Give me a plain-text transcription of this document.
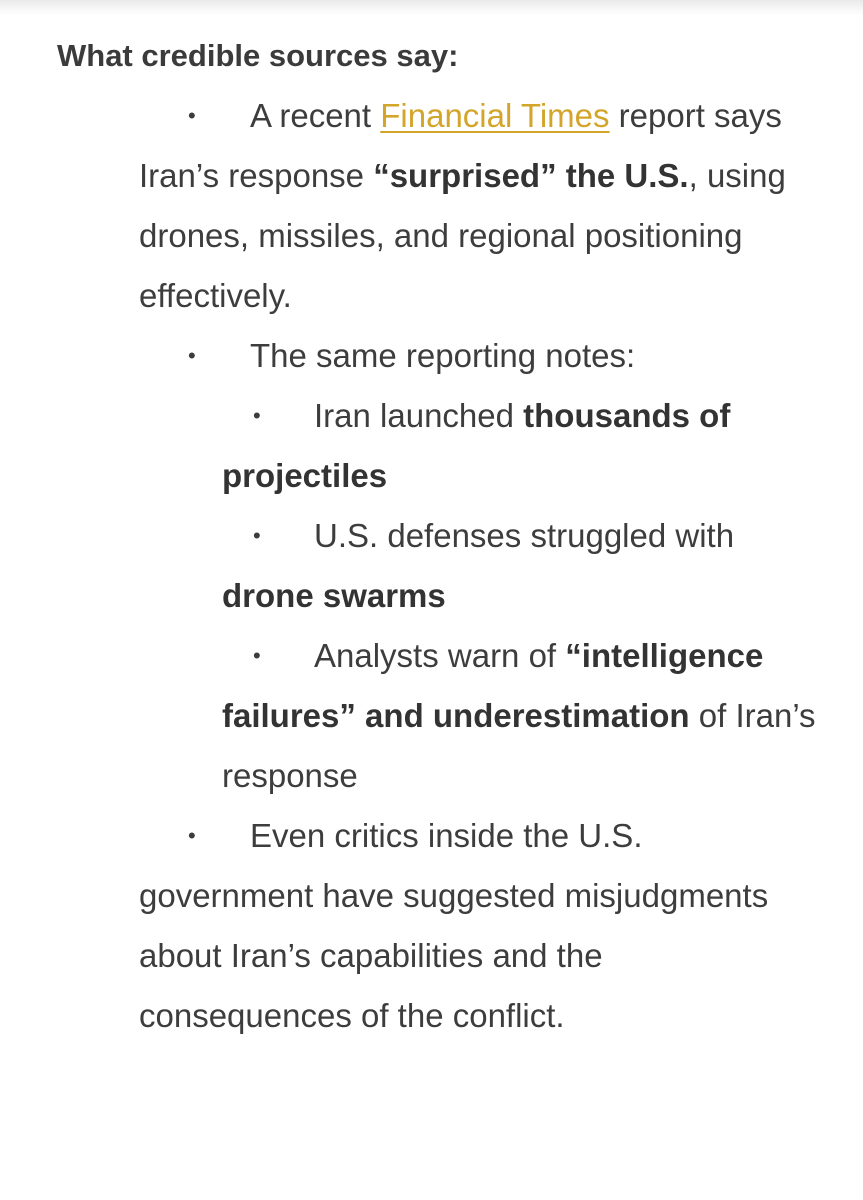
What credible sources say:

• A recent Financial Times report says Iran’s response “surprised” the U.S., using drones, missiles, and regional positioning effectively.

• The same reporting notes:

• Iran launched thousands of projectiles

• U.S. defenses struggled with drone swarms

• Analysts warn of “intelligence failures” and underestimation of Iran’s response

• Even critics inside the U.S. government have suggested misjudgments about Iran’s capabilities and the consequences of the conflict.
